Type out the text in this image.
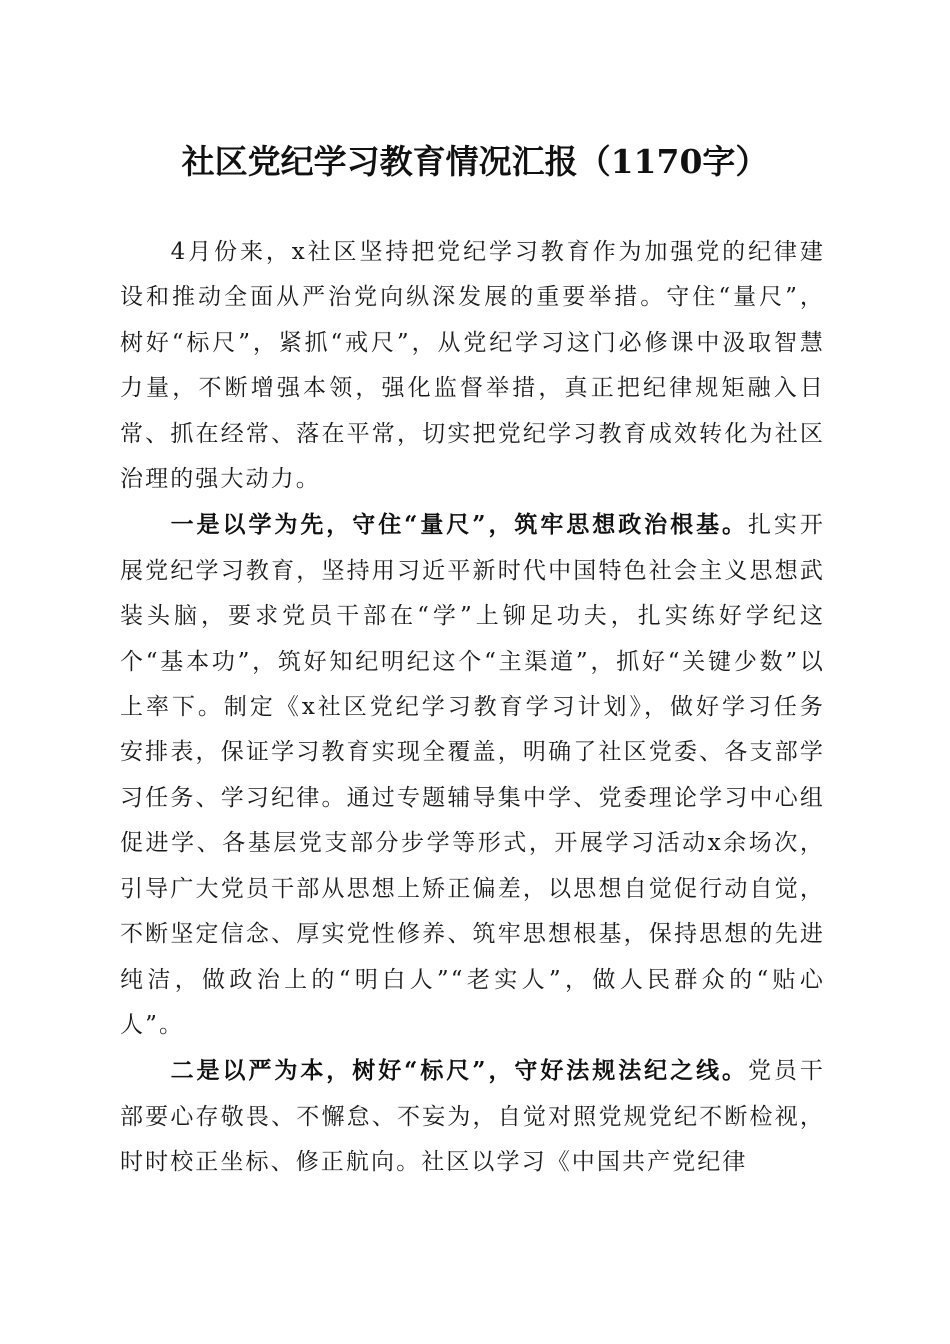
社区党纪学习教育情况汇报（1170字）

4月份来，x社区坚持把党纪学习教育作为加强党的纪律建设和推动全面从严治党向纵深发展的重要举措。守住“量尺”，树好“标尺”，紧抓“戒尺”，从党纪学习这门必修课中汲取智慧力量，不断增强本领，强化监督举措，真正把纪律规矩融入日常、抓在经常、落在平常，切实把党纪学习教育成效转化为社区治理的强大动力。

一是以学为先，守住“量尺”，筑牢思想政治根基。扎实开展党纪学习教育，坚持用习近平新时代中国特色社会主义思想武装头脑，要求党员干部在“学”上铆足功夫，扎实练好学纪这个“基本功”，筑好知纪明纪这个“主渠道”，抓好“关键少数”以上率下。制定《x社区党纪学习教育学习计划》，做好学习任务安排表，保证学习教育实现全覆盖，明确了社区党委、各支部学习任务、学习纪律。通过专题辅导集中学、党委理论学习中心组促进学、各基层党支部分步学等形式，开展学习活动x余场次，引导广大党员干部从思想上矫正偏差，以思想自觉促行动自觉，不断坚定信念、厚实党性修养、筑牢思想根基，保持思想的先进纯洁，做政治上的“明白人”“老实人”，做人民群众的“贴心人”。

二是以严为本，树好“标尺”，守好法规法纪之线。党员干部要心存敬畏、不懈怠、不妄为，自觉对照党规党纪不断检视，时时校正坐标、修正航向。社区以学习《中国共产党纪律
